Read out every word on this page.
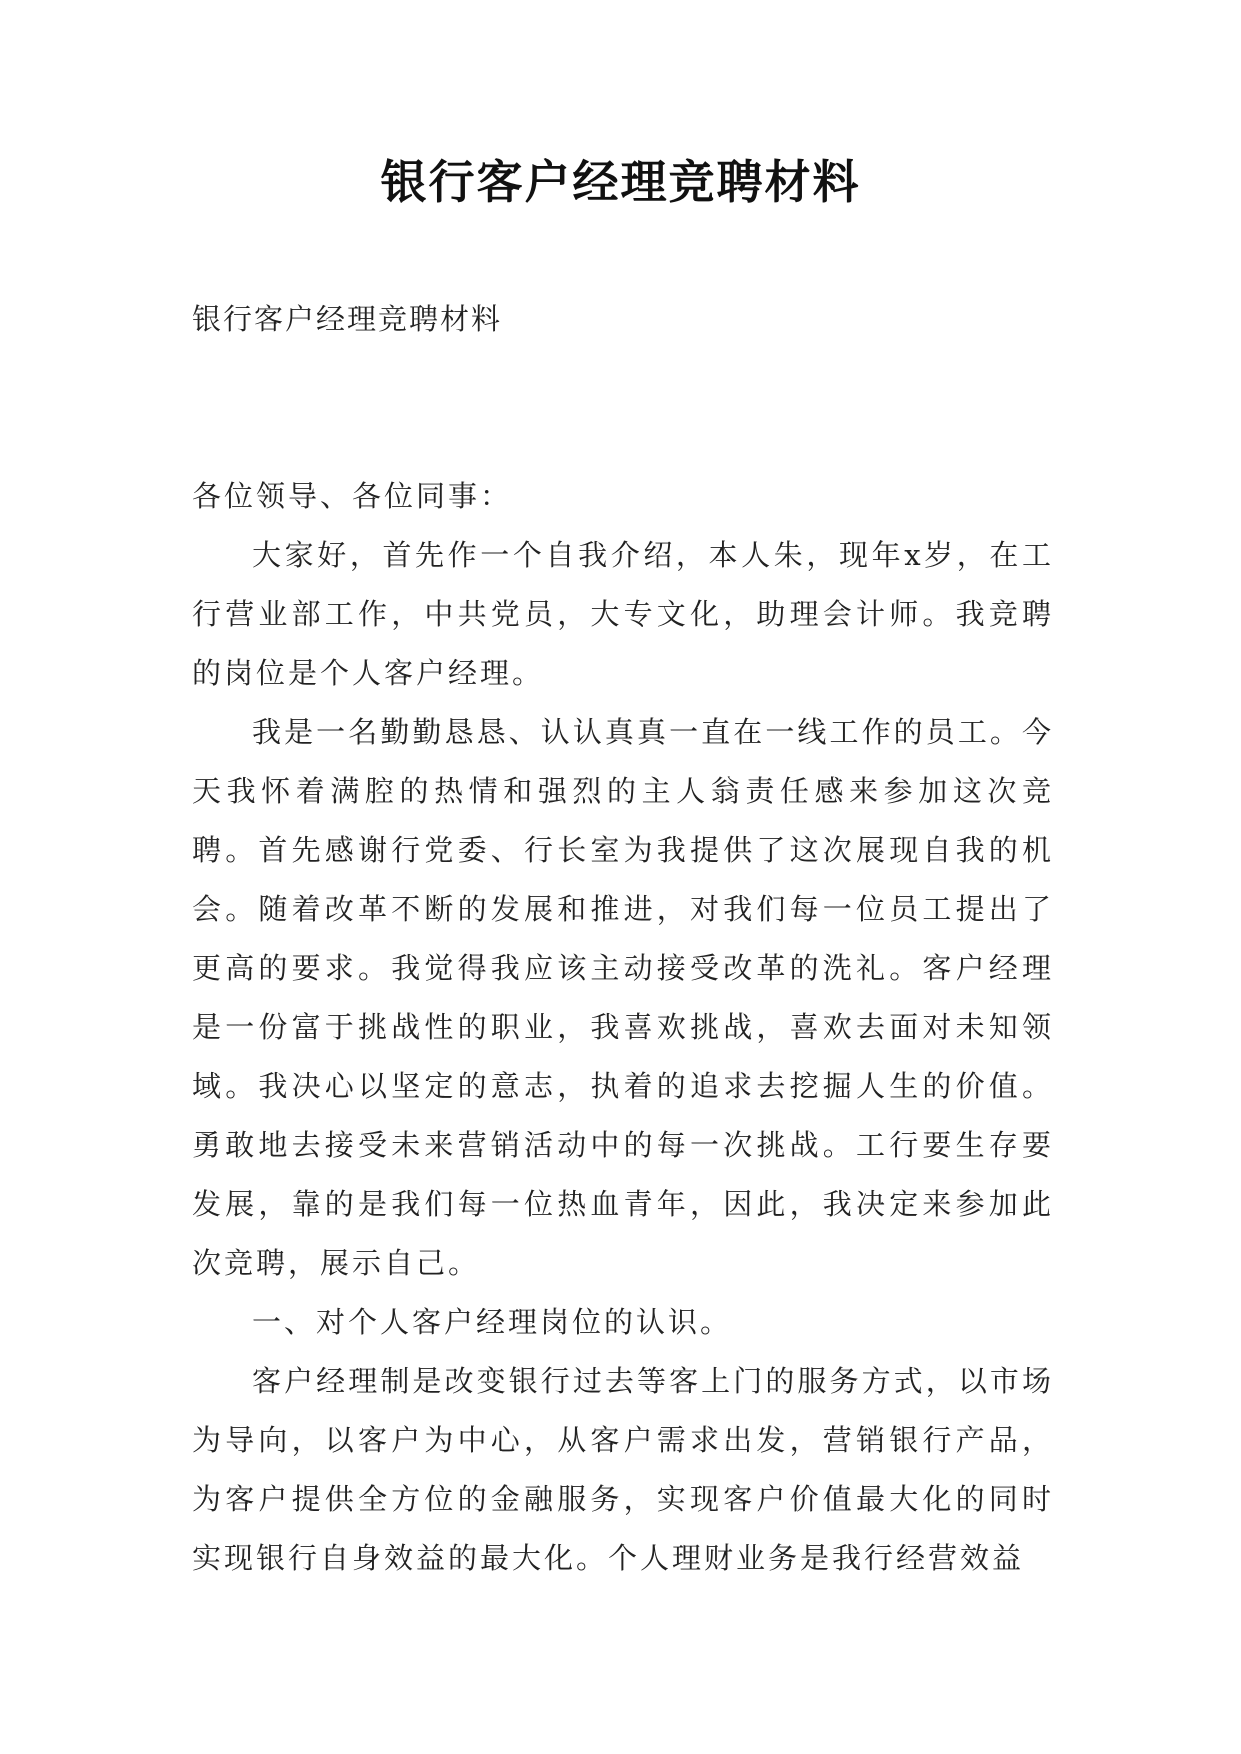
银行客户经理竞聘材料
银行客户经理竞聘材料
各位领导、各位同事：
大家好，首先作一个自我介绍，本人朱，现年x岁，在工行营业部工作，中共党员，大专文化，助理会计师。我竞聘的岗位是个人客户经理。
我是一名勤勤恳恳、认认真真一直在一线工作的员工。今天我怀着满腔的热情和强烈的主人翁责任感来参加这次竞聘。首先感谢行党委、行长室为我提供了这次展现自我的机会。随着改革不断的发展和推进，对我们每一位员工提出了更高的要求。我觉得我应该主动接受改革的洗礼。客户经理是一份富于挑战性的职业，我喜欢挑战，喜欢去面对未知领域。我决心以坚定的意志，执着的追求去挖掘人生的价值。勇敢地去接受未来营销活动中的每一次挑战。工行要生存要发展，靠的是我们每一位热血青年，因此，我决定来参加此次竞聘，展示自己。
一、对个人客户经理岗位的认识。
客户经理制是改变银行过去等客上门的服务方式，以市场为导向，以客户为中心，从客户需求出发，营销银行产品，为客户提供全方位的金融服务，实现客户价值最大化的同时实现银行自身效益的最大化。个人理财业务是我行经营效益
